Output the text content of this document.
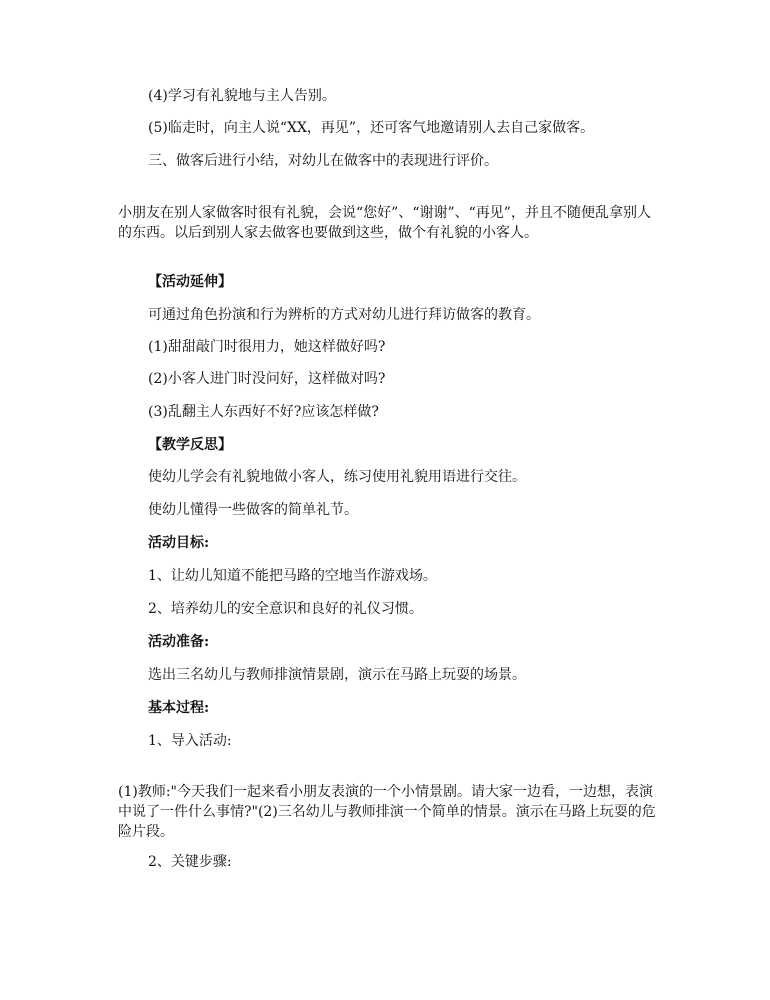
(4)学习有礼貌地与主人告别。

(5)临走时，向主人说“XX，再见”，还可客气地邀请别人去自己家做客。

三、做客后进行小结，对幼儿在做客中的表现进行评价。

小朋友在别人家做客时很有礼貌，会说“您好”、“谢谢”、“再见”，并且不随便乱拿别人的东西。以后到别人家去做客也要做到这些，做个有礼貌的小客人。

【活动延伸】

可通过角色扮演和行为辨析的方式对幼儿进行拜访做客的教育。

(1)甜甜敲门时很用力，她这样做好吗?

(2)小客人进门时没问好，这样做对吗?

(3)乱翻主人东西好不好?应该怎样做?

【教学反思】

使幼儿学会有礼貌地做小客人，练习使用礼貌用语进行交往。

使幼儿懂得一些做客的简单礼节。

活动目标:

1、让幼儿知道不能把马路的空地当作游戏场。

2、培养幼儿的安全意识和良好的礼仪习惯。

活动准备:

选出三名幼儿与教师排演情景剧，演示在马路上玩耍的场景。

基本过程:

1、导入活动:

(1)教师:"今天我们一起来看小朋友表演的一个小情景剧。请大家一边看，一边想，表演中说了一件什么事情?"(2)三名幼儿与教师排演一个简单的情景。演示在马路上玩耍的危险片段。

2、关键步骤:
